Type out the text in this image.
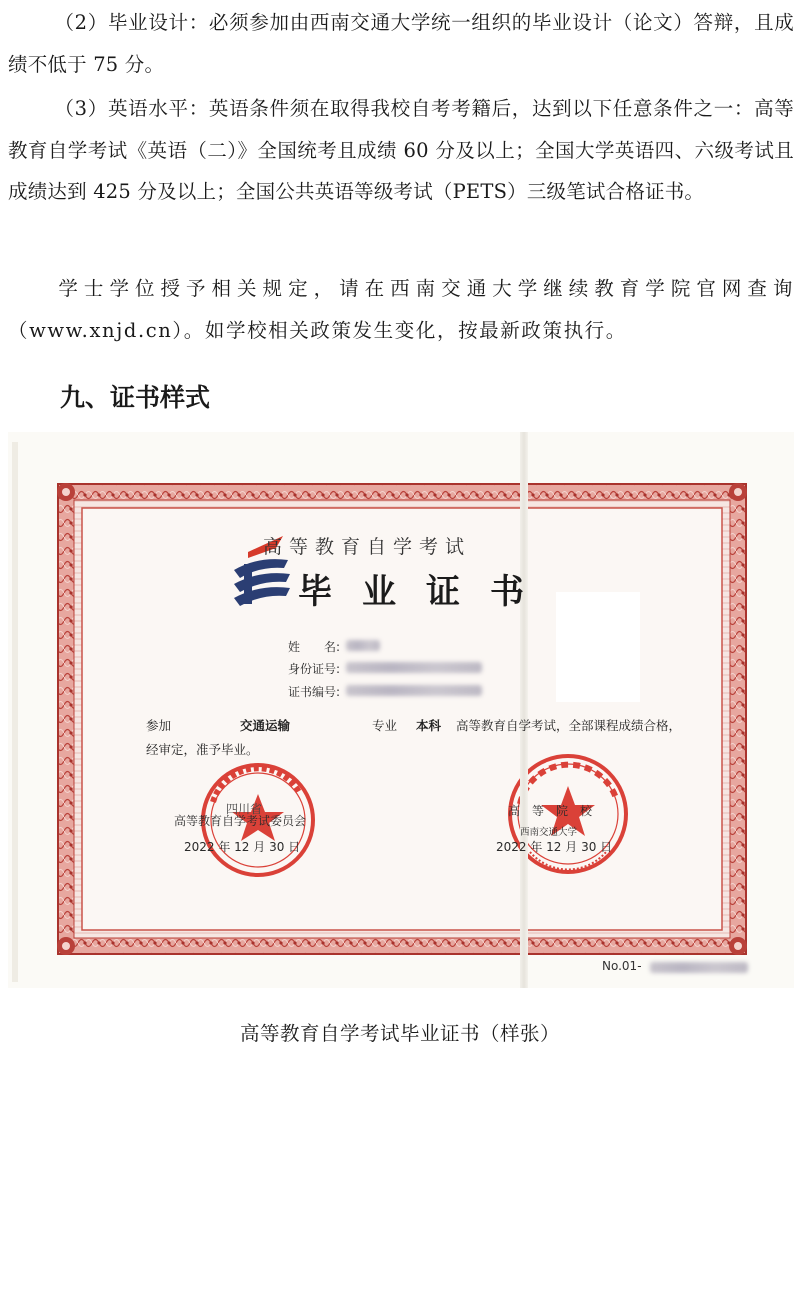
（2）毕业设计：必须参加由西南交通大学统一组织的毕业设计（论文）答辩，且成绩不低于 75 分。
（3）英语水平：英语条件须在取得我校自考考籍后，达到以下任意条件之一：高等教育自学考试《英语（二）》全国统考且成绩 60 分及以上；全国大学英语四、六级考试且成绩达到 425 分及以上；全国公共英语等级考试（PETS）三级笔试合格证书。
学士学位授予相关规定，请在西南交通大学继续教育学院官网查询（www.xnjd.cn）。如学校相关政策发生变化，按最新政策执行。
九、证书样式
高等教育自学考试
毕业证书
姓　　名:
身份证号:
证书编号:
参加	交通运输	专业 本科 高等教育自学考试，全部课程成绩合格，
经审定，准予毕业。
四川省
高等教育自学考试委员会
2022 年 12 月 30 日
高　等　院　校
西南交通大学
2022 年 12 月 30 日
No.01-
高等教育自学考试毕业证书（样张）
